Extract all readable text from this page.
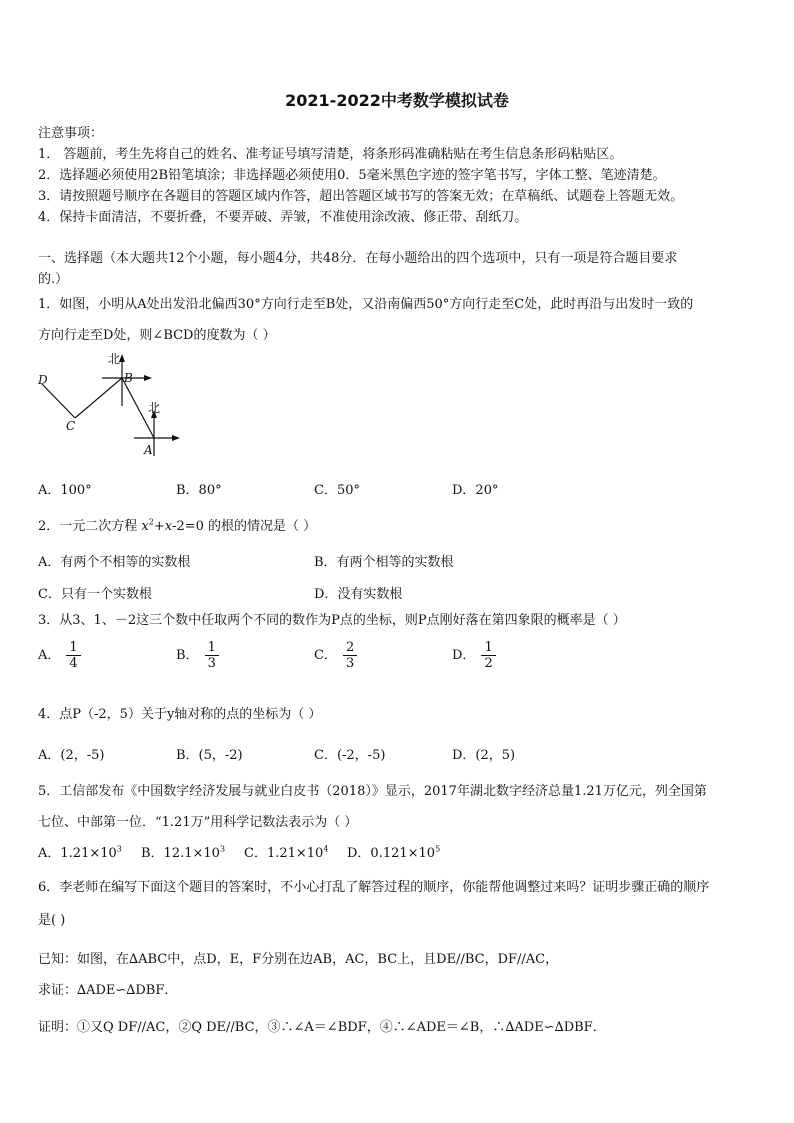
2021-2022中考数学模拟试卷
注意事项：
1． 答题前，考生先将自己的姓名、准考证号填写清楚，将条形码准确粘贴在考生信息条形码粘贴区。
2．选择题必须使用2B铅笔填涂；非选择题必须使用0．5毫米黑色字迹的签字笔书写，字体工整、笔迹清楚。
3．请按照题号顺序在各题目的答题区域内作答，超出答题区域书写的答案无效；在草稿纸、试题卷上答题无效。
4．保持卡面清洁，不要折叠，不要弄破、弄皱，不准使用涂改液、修正带、刮纸刀。
一、选择题（本大题共12个小题，每小题4分，共48分．在每小题给出的四个选项中，只有一项是符合题目要求
的.）
1．如图，小明从A处出发沿北偏西30°方向行走至B处，又沿南偏西50°方向行走至C处，此时再沿与出发时一致的
方向行走至D处，则∠BCD的度数为（ ）
北
B
D
北
C
A
A．100°	B．80°	C．50°	D．20°
2．一元二次方程 $x^2+x-2=0$ 的根的情况是（ ）
A．有两个不相等的实数根	B．有两个相等的实数根
C．只有一个实数根	D．没有实数根
3．从3、1、－2这三个数中任取两个不同的数作为P点的坐标，则P点刚好落在第四象限的概率是（ ）
A． $\frac{1}{4}$	B． $\frac{1}{3}$	C． $\frac{2}{3}$	D． $\frac{1}{2}$
4．点P（-2，5）关于y轴对称的点的坐标为（ ）
A．(2，-5)	B．(5，-2)	C．(-2，-5)	D．(2，5)
5．工信部发布《中国数字经济发展与就业白皮书（2018）》显示，2017年湖北数字经济总量1.21万亿元，列全国第
七位、中部第一位．“1.21万”用科学记数法表示为（ ）
A．$1.21\times 10^3$ B．$12.1\times 10^3$ C．$1.21\times 10^4$ D．$0.121\times 10^5$
6．李老师在编写下面这个题目的答案时，不小心打乱了解答过程的顺序，你能帮他调整过来吗？证明步骤正确的顺序
是( )
已知：如图，在∆ABC中，点D，E，F分别在边AB，AC，BC上，且DE//BC，DF//AC，
求证：∆ADE∽∆DBF．
证明：①又Q DF//AC，②Q DE//BC，③∴∠A＝∠BDF，④∴∠ADE＝∠B，∴∆ADE∽∆DBF．
